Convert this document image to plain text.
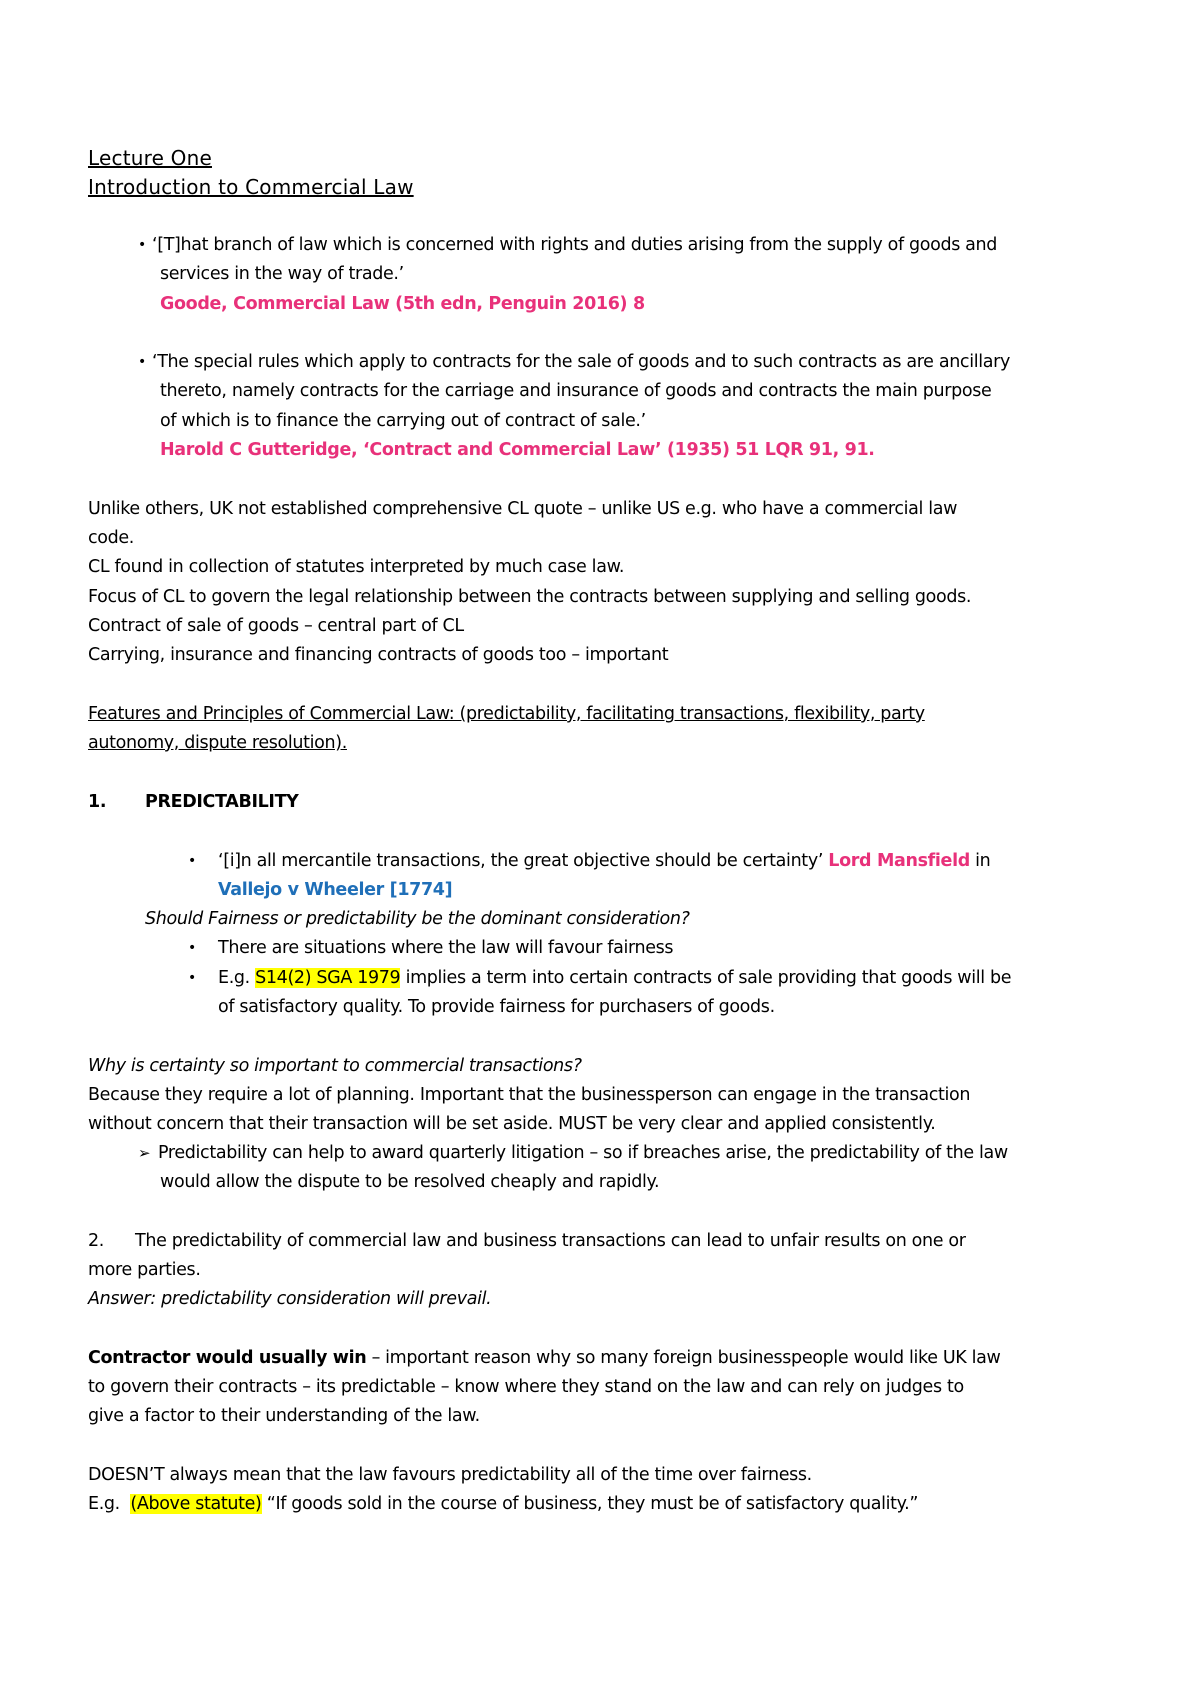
Lecture One
Introduction to Commercial Law
• ‘[T]hat branch of law which is concerned with rights and duties arising from the supply of goods and
services in the way of trade.’
Goode, Commercial Law (5th edn, Penguin 2016) 8
• ‘The special rules which apply to contracts for the sale of goods and to such contracts as are ancillary
thereto, namely contracts for the carriage and insurance of goods and contracts the main purpose
of which is to finance the carrying out of contract of sale.’
Harold C Gutteridge, ‘Contract and Commercial Law’ (1935) 51 LQR 91, 91.
Unlike others, UK not established comprehensive CL quote – unlike US e.g. who have a commercial law
code.
CL found in collection of statutes interpreted by much case law.
Focus of CL to govern the legal relationship between the contracts between supplying and selling goods.
Contract of sale of goods – central part of CL
Carrying, insurance and financing contracts of goods too – important
Features and Principles of Commercial Law: (predictability, facilitating transactions, flexibility, party
autonomy, dispute resolution).
1. PREDICTABILITY
• ‘[i]n all mercantile transactions, the great objective should be certainty’ Lord Mansfield in
Vallejo v Wheeler [1774]
Should Fairness or predictability be the dominant consideration?
• There are situations where the law will favour fairness
• E.g. S14(2) SGA 1979 implies a term into certain contracts of sale providing that goods will be
of satisfactory quality. To provide fairness for purchasers of goods.
Why is certainty so important to commercial transactions?
Because they require a lot of planning. Important that the businessperson can engage in the transaction
without concern that their transaction will be set aside. MUST be very clear and applied consistently.
➢ Predictability can help to award quarterly litigation – so if breaches arise, the predictability of the law
would allow the dispute to be resolved cheaply and rapidly.
2. The predictability of commercial law and business transactions can lead to unfair results on one or
more parties.
Answer: predictability consideration will prevail.
Contractor would usually win – important reason why so many foreign businesspeople would like UK law
to govern their contracts – its predictable – know where they stand on the law and can rely on judges to
give a factor to their understanding of the law.
DOESN’T always mean that the law favours predictability all of the time over fairness.
E.g. (Above statute) “If goods sold in the course of business, they must be of satisfactory quality.”
